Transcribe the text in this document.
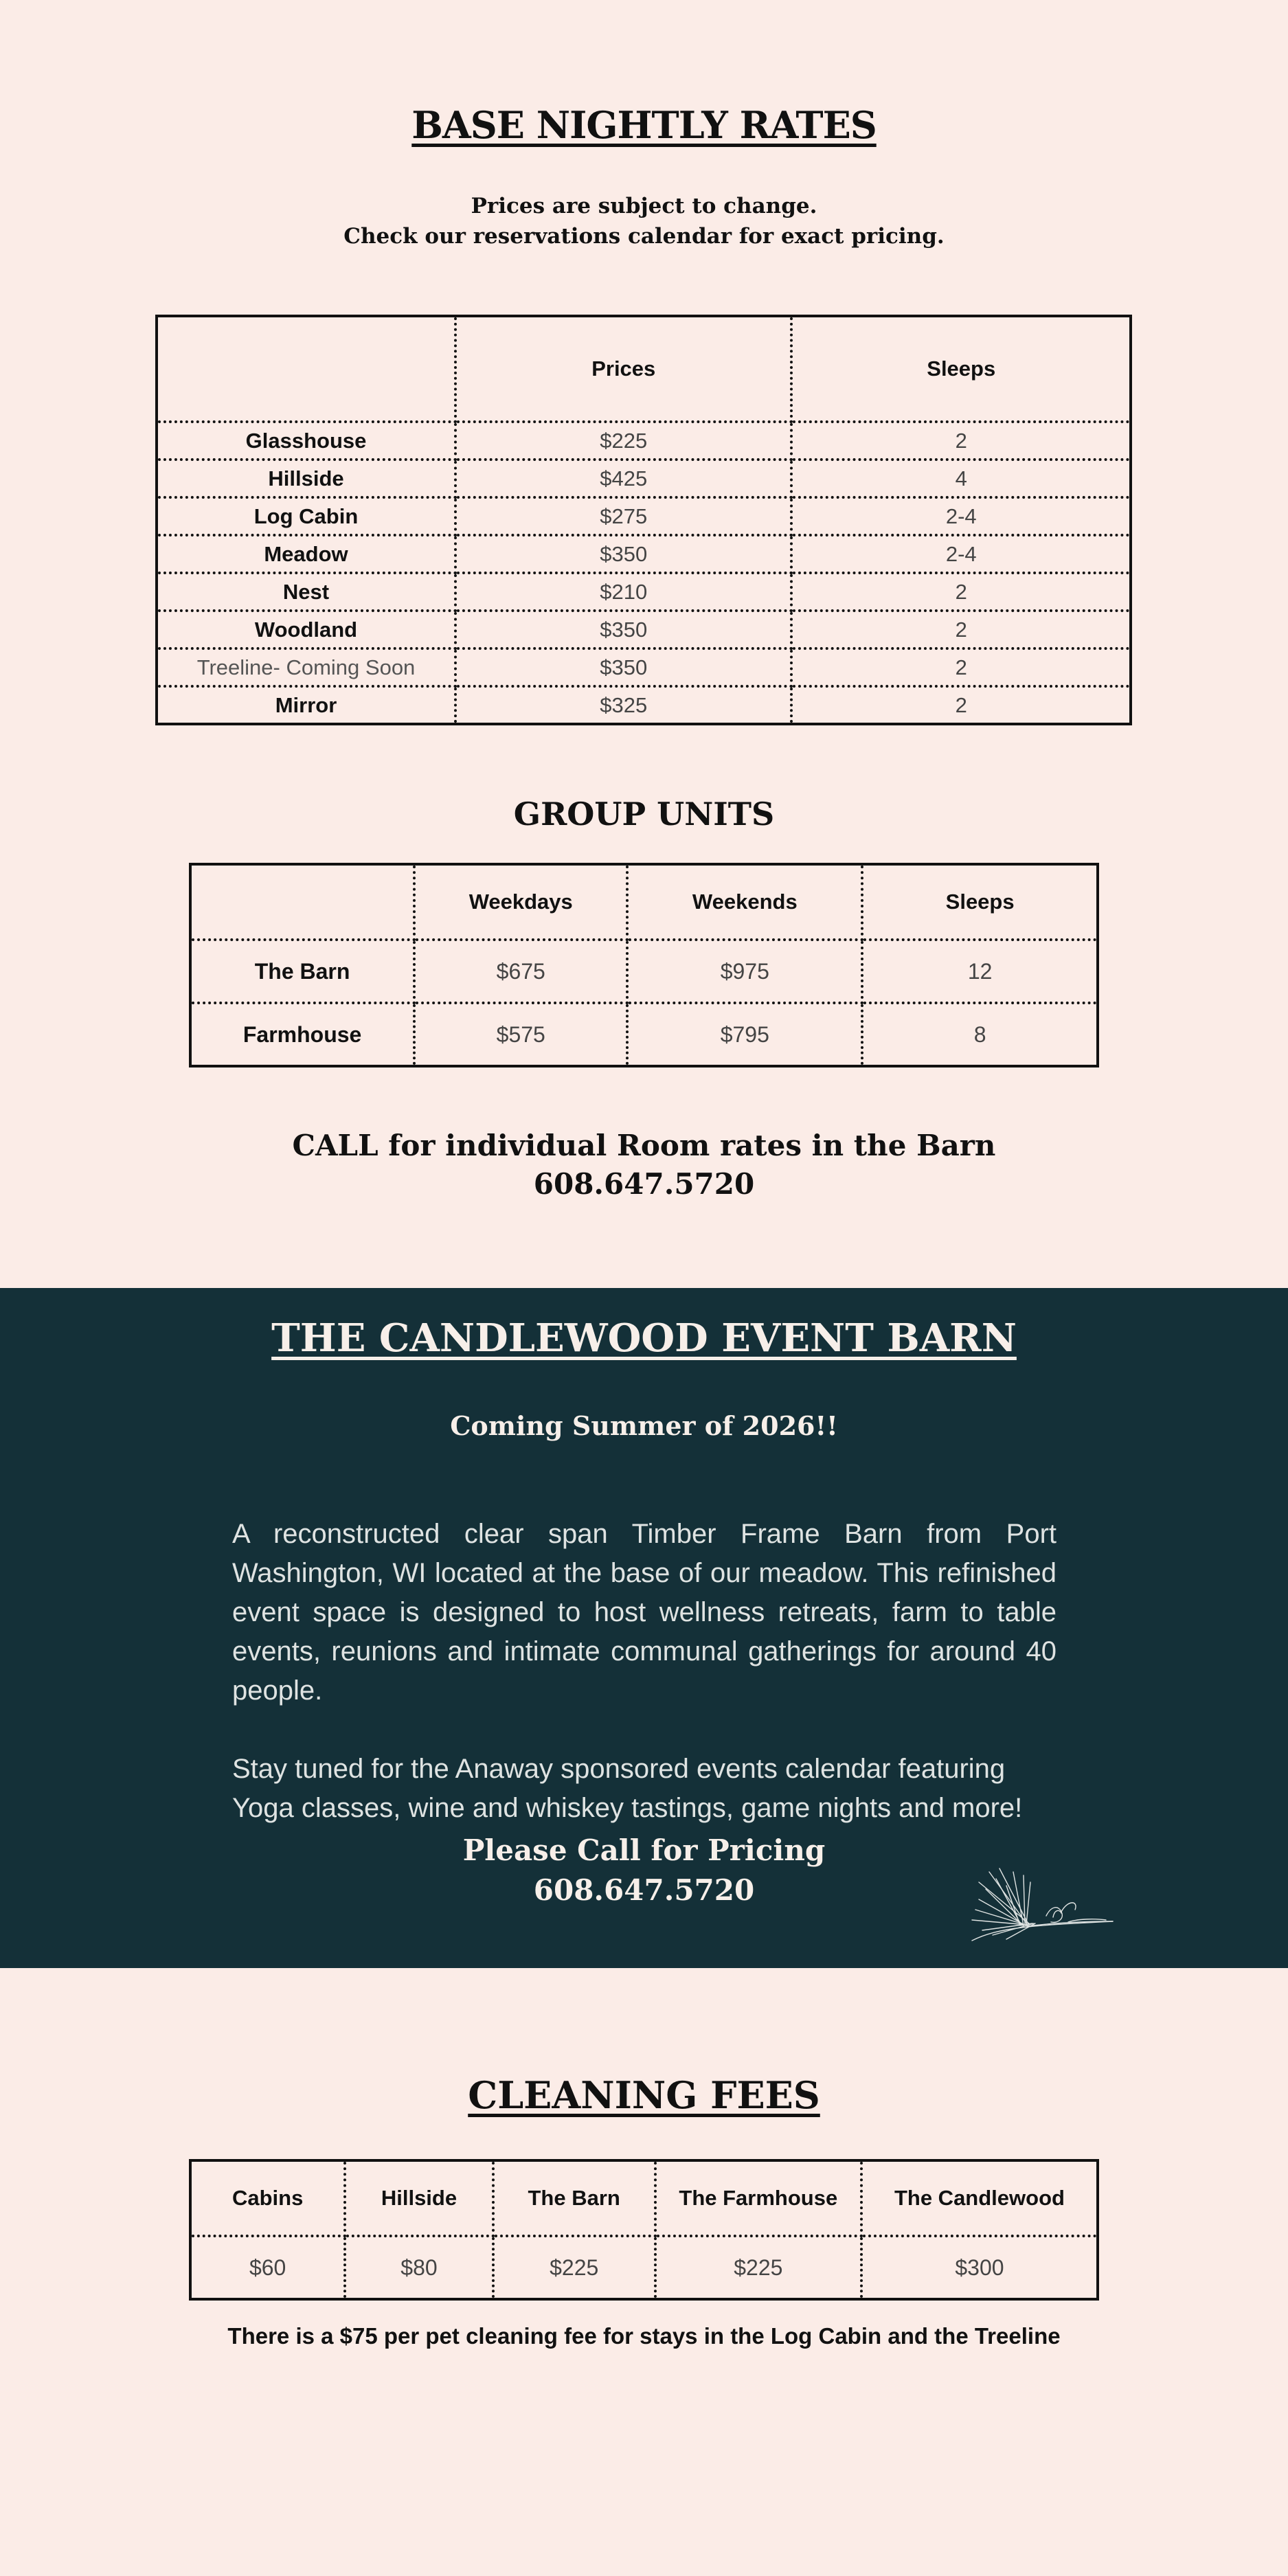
BASE NIGHTLY RATES
Prices are subject to change.
Check our reservations calendar for exact pricing.
	Prices	Sleeps
Glasshouse	$225	2
Hillside	$425	4
Log Cabin	$275	2-4
Meadow	$350	2-4
Nest	$210	2
Woodland	$350	2
Treeline- Coming Soon	$350	2
Mirror	$325	2
GROUP UNITS
	Weekdays	Weekends	Sleeps
The Barn	$675	$975	12
Farmhouse	$575	$795	8
CALL for individual Room rates in the Barn
608.647.5720
THE CANDLEWOOD EVENT BARN
Coming Summer of 2026!!

A reconstructed clear span Timber Frame Barn from Port Washington, WI located at the base of our meadow. This refinished event space is designed to host wellness retreats, farm to table events, reunions and intimate communal gatherings for around 40 people.

Stay tuned for the Anaway sponsored events calendar featuring Yoga classes, wine and whiskey tastings, game nights and more!

Please Call for Pricing
608.647.5720
CLEANING FEES
Cabins	Hillside	The Barn	The Farmhouse	The Candlewood
$60	$80	$225	$225	$300
There is a $75 per pet cleaning fee for stays in the Log Cabin and the Treeline
